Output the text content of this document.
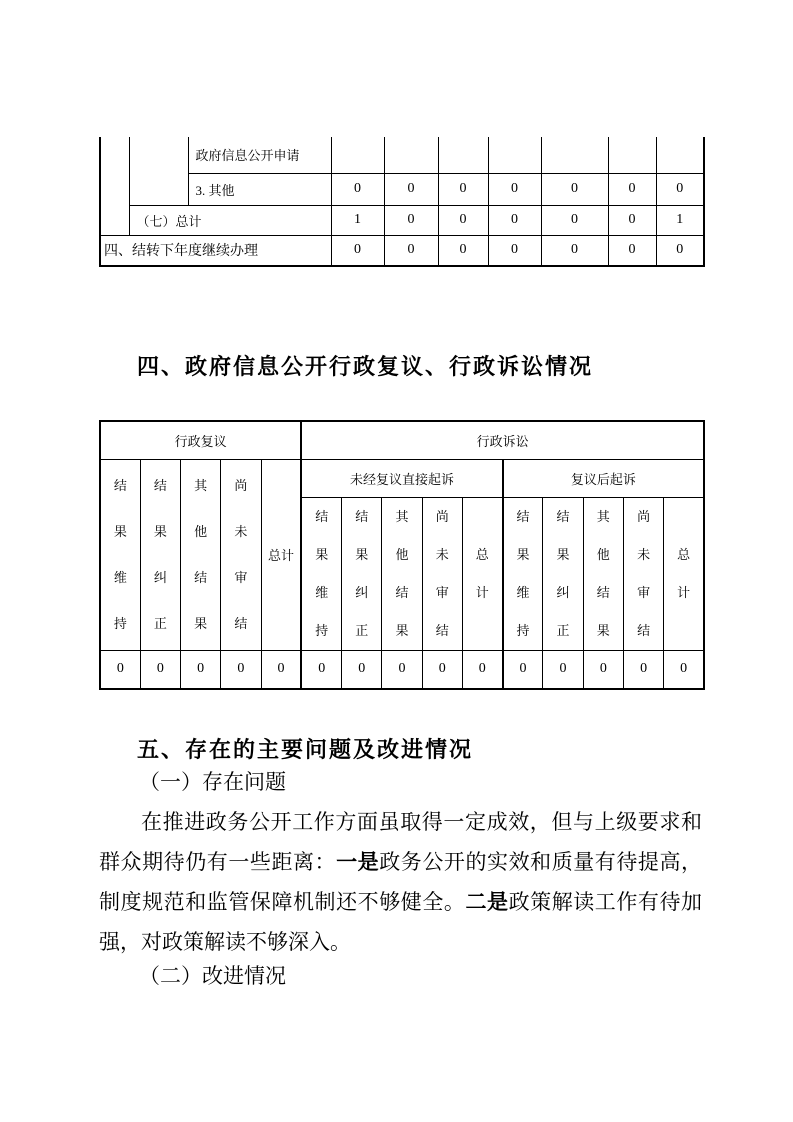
		政府信息公开申请							
		3. 其他	0	0	0	0	0	0	0
	（七）总计		1	0	0	0	0	0	1
四、结转下年度继续办理			0	0	0	0	0	0	0
四、政府信息公开行政复议、行政诉讼情况
行政复议					行政诉讼									

结果维持	结果纠正	其他结果	尚未审结	总计	未经复议直接起诉					复议后起诉				

					结果维持	结果纠正	其他结果	尚未审结	总计	结果维持	结果纠正	其他结果	尚未审结	总计

0	0	0	0	0	0	0	0	0	0	0	0	0	0	0
五、存在的主要问题及改进情况

（一）存在问题

在推进政务公开工作方面虽取得一定成效，但与上级要求和群众期待仍有一些距离：一是政务公开的实效和质量有待提高，制度规范和监管保障机制还不够健全。二是政策解读工作有待加强，对政策解读不够深入。

（二）改进情况
